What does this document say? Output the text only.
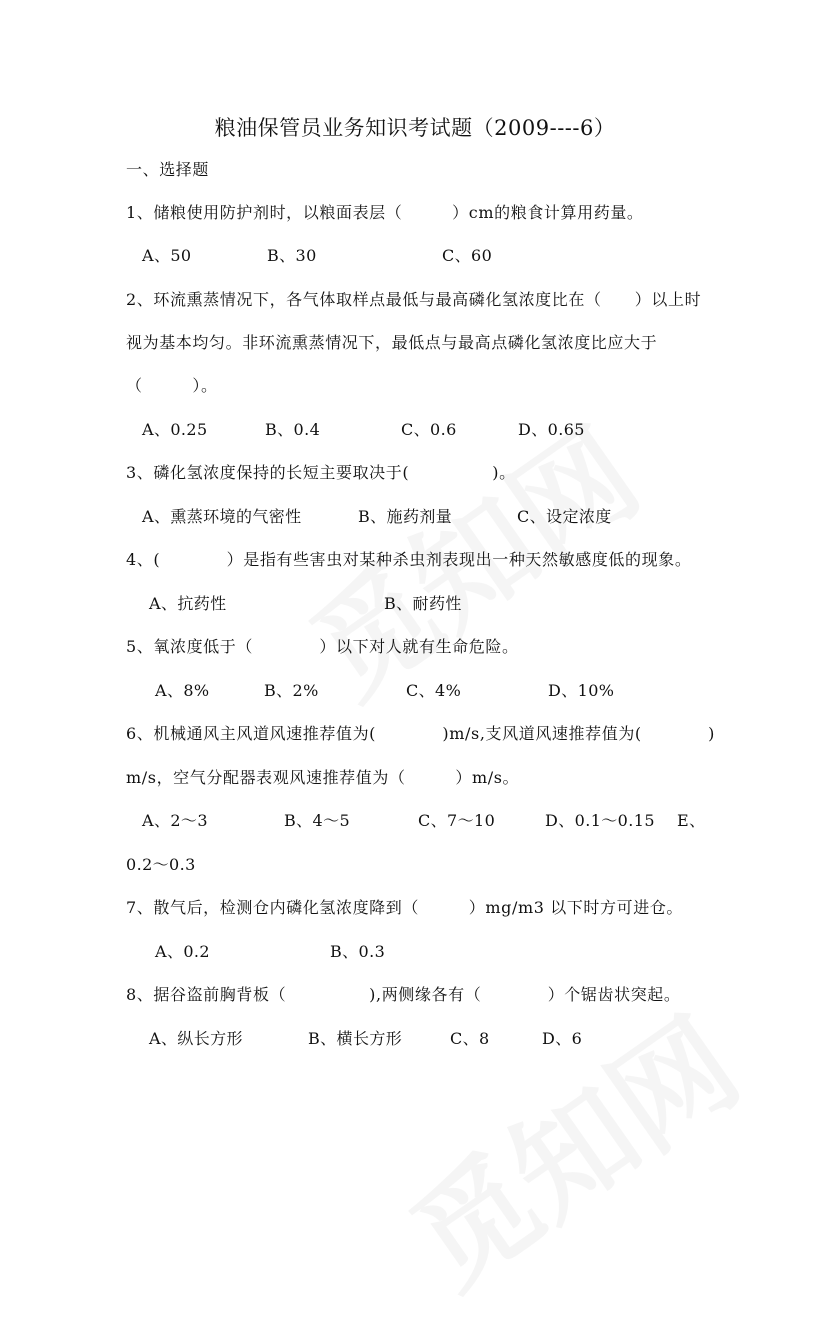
粮油保管员业务知识考试题（2009----6）
一、选择题
1、储粮使用防护剂时，以粮面表层（　　　）cm的粮食计算用药量。
A、50	B、30	C、60
2、环流熏蒸情况下，各气体取样点最低与最高磷化氢浓度比在（　　）以上时
视为基本均匀。非环流熏蒸情况下，最低点与最高点磷化氢浓度比应大于
（　　　）。
A、0.25	B、0.4	C、0.6	D、0.65
3、磷化氢浓度保持的长短主要取决于(　　　　　)。
A、熏蒸环境的气密性	B、施药剂量	C、设定浓度
4、(　　　　）是指有些害虫对某种杀虫剂表现出一种天然敏感度低的现象。
A、抗药性	B、耐药性
5、氧浓度低于（　　　　）以下对人就有生命危险。
A、8%	B、2%	C、4%	D、10%
6、机械通风主风道风速推荐值为(　　　　)m/s,支风道风速推荐值为(　　　　)
m/s，空气分配器表观风速推荐值为（　　　）m/s。
A、2～3	B、4～5	C、7～10	D、0.1～0.15 E、
0.2～0.3
7、散气后，检测仓内磷化氢浓度降到（　　　）mg/m3 以下时方可进仓。
A、0.2	B、0.3
8、据谷盗前胸背板（　　　　　),两侧缘各有（　　　　）个锯齿状突起。
A、纵长方形	B、横长方形	C、8	D、6
